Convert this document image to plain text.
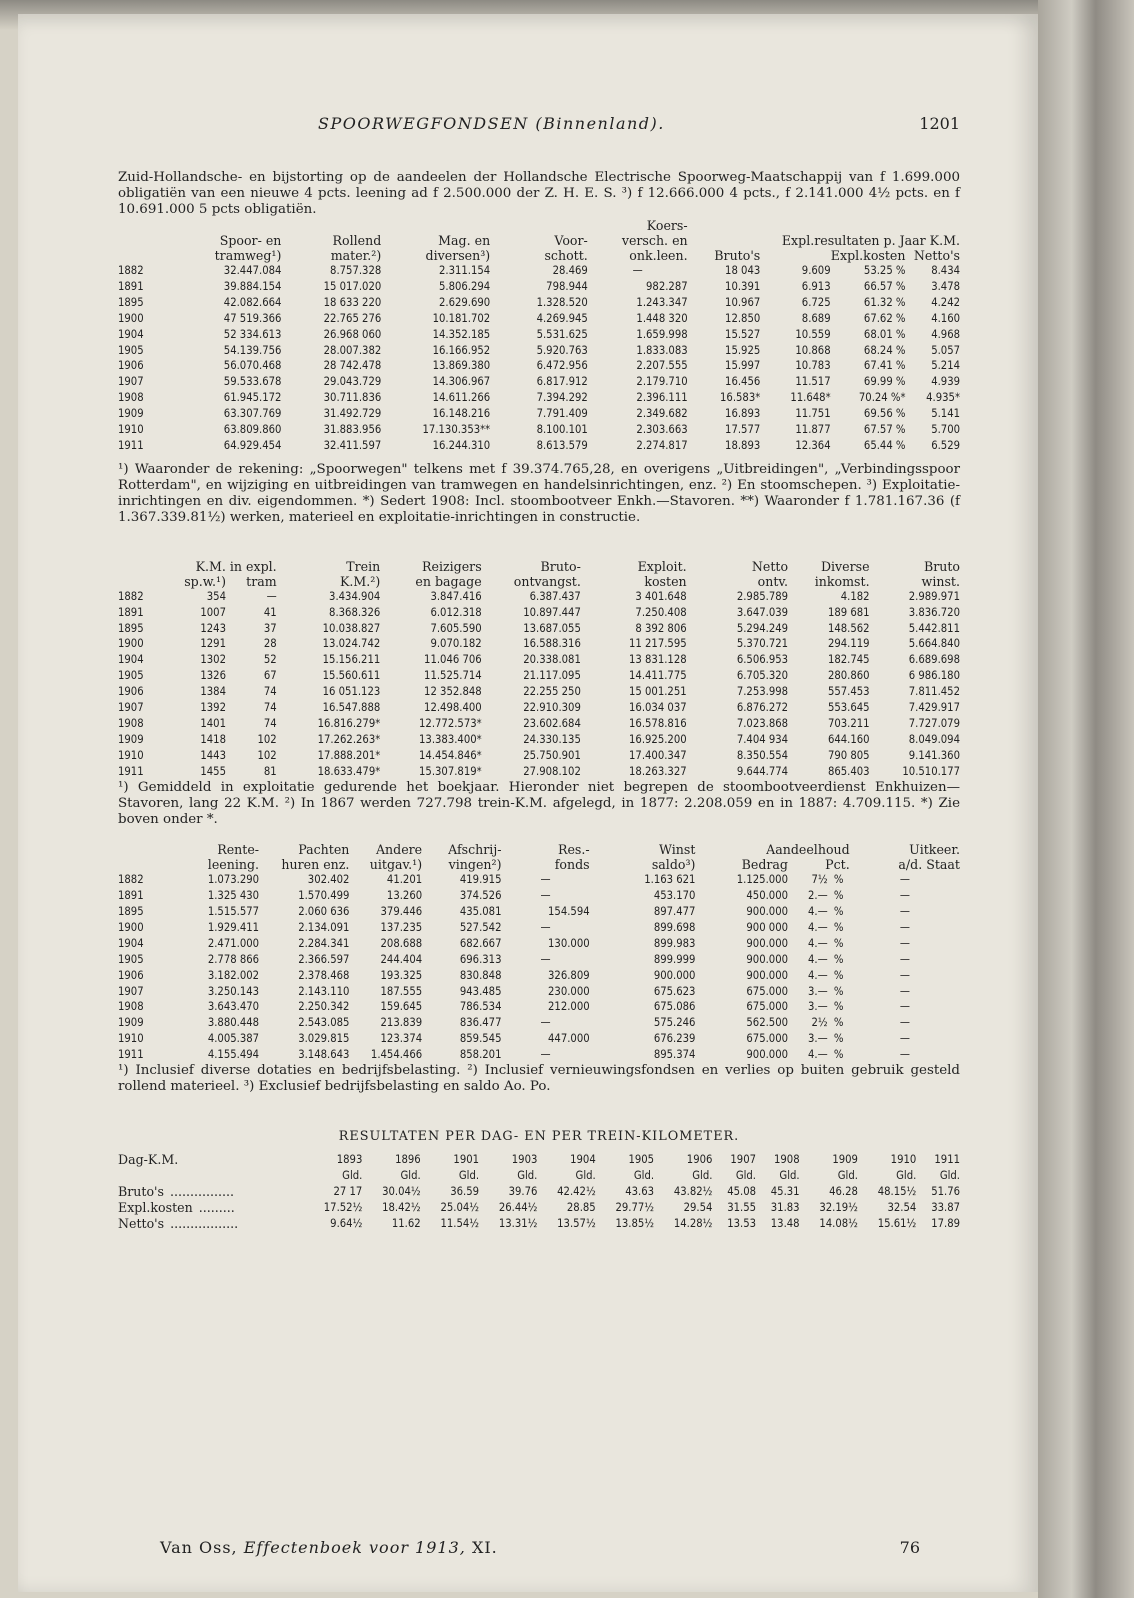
SPOORWEGFONDSEN (Binnenland).	1201

Zuid-Hollandsche- en bijstorting op de aandeelen der Hollandsche Electrische Spoorweg-Maatschappij van f 1.699.000 obligatiën van een nieuwe 4 pcts. leening ad f 2.500.000 der Z. H. E. S. ³) f 12.666.000 4 pcts., f 2.141.000 4½ pcts. en f 10.691.000 5 pcts obligatiën.

					Koers-				
	Spoor- en	Rollend	Mag. en	Voor-	versch. en	Expl.resultaten p. Jaar K.M.			
	tramweg¹)	mater.²)	diversen³)	schott.	onk.leen.	Bruto's	Expl.kosten		Netto's
1882	32.447.084	8.757.328	2.311.154	28.469	—	18 043	9.609	53.25 %	8.434
1891	39.884.154	15 017.020	5.806.294	798.944	982.287	10.391	6.913	66.57 %	3.478
1895	42.082.664	18 633 220	2.629.690	1.328.520	1.243.347	10.967	6.725	61.32 %	4.242
1900	47 519.366	22.765 276	10.181.702	4.269.945	1.448 320	12.850	8.689	67.62 %	4.160
1904	52 334.613	26.968 060	14.352.185	5.531.625	1.659.998	15.527	10.559	68.01 %	4.968
1905	54.139.756	28.007.382	16.166.952	5.920.763	1.833.083	15.925	10.868	68.24 %	5.057
1906	56.070.468	28 742.478	13.869.380	6.472.956	2.207.555	15.997	10.783	67.41 %	5.214
1907	59.533.678	29.043.729	14.306.967	6.817.912	2.179.710	16.456	11.517	69.99 %	4.939
1908	61.945.172	30.711.836	14.611.266	7.394.292	2.396.111	16.583*	11.648*	70.24 %*	4.935*
1909	63.307.769	31.492.729	16.148.216	7.791.409	2.349.682	16.893	11.751	69.56 %	5.141
1910	63.809.860	31.883.956	17.130.353**	8.100.101	2.303.663	17.577	11.877	67.57 %	5.700
1911	64.929.454	32.411.597	16.244.310	8.613.579	2.274.817	18.893	12.364	65.44 %	6.529

¹) Waaronder de rekening: „Spoorwegen" telkens met f 39.374.765,28, en overigens „Uitbreidingen", „Verbindingsspoor Rotterdam", en wijziging en uitbreidingen van tramwegen en handelsinrichtingen, enz. ²) En stoomschepen. ³) Exploitatie-inrichtingen en div. eigendommen. *) Sedert 1908: Incl. stoombootveer Enkh.—Stavoren. **) Waaronder f 1.781.167.36 (f 1.367.339.81½) werken, materieel en exploitatie-inrichtingen in constructie.

	K.M. in expl.		Trein	Reizigers	Bruto-	Exploit.	Netto	Diverse	Bruto
	sp.w.¹)	tram	K.M.²)	en bagage	ontvangst.	kosten	ontv.	inkomst.	winst.
1882	354	—	3.434.904	3.847.416	6.387.437	3 401.648	2.985.789	4.182	2.989.971
1891	1007	41	8.368.326	6.012.318	10.897.447	7.250.408	3.647.039	189 681	3.836.720
1895	1243	37	10.038.827	7.605.590	13.687.055	8 392 806	5.294.249	148.562	5.442.811
1900	1291	28	13.024.742	9.070.182	16.588.316	11 217.595	5.370.721	294.119	5.664.840
1904	1302	52	15.156.211	11.046 706	20.338.081	13 831.128	6.506.953	182.745	6.689.698
1905	1326	67	15.560.611	11.525.714	21.117.095	14.411.775	6.705.320	280.860	6 986.180
1906	1384	74	16 051.123	12 352.848	22.255 250	15 001.251	7.253.998	557.453	7.811.452
1907	1392	74	16.547.888	12.498.400	22.910.309	16.034 037	6.876.272	553.645	7.429.917
1908	1401	74	16.816.279*	12.772.573*	23.602.684	16.578.816	7.023.868	703.211	7.727.079
1909	1418	102	17.262.263*	13.383.400*	24.330.135	16.925.200	7.404 934	644.160	8.049.094
1910	1443	102	17.888.201*	14.454.846*	25.750.901	17.400.347	8.350.554	790 805	9.141.360
1911	1455	81	18.633.479*	15.307.819*	27.908.102	18.263.327	9.644.774	865.403	10.510.177

¹) Gemiddeld in exploitatie gedurende het boekjaar. Hieronder niet begrepen de stoombootveerdienst Enkhuizen—Stavoren, lang 22 K.M. ²) In 1867 werden 727.798 trein-K.M. afgelegd, in 1877: 2.208.059 en in 1887: 4.709.115. *) Zie boven onder *.

	Rente-	Pachten	Andere	Afschrij-	Res.-	Winst	Aandeelhoud			Uitkeer.
	leening.	huren enz.	uitgav.¹)	vingen²)	fonds	saldo³)	Bedrag	Pct.		a/d. Staat
1882	1.073.290	302.402	41.201	419.915	—	1.163 621	1.125.000	7½	%	—
1891	1.325 430	1.570.499	13.260	374.526	—	453.170	450.000	2.—	%	—
1895	1.515.577	2.060 636	379.446	435.081	154.594	897.477	900.000	4.—	%	—
1900	1.929.411	2.134.091	137.235	527.542	—	899.698	900 000	4.—	%	—
1904	2.471.000	2.284.341	208.688	682.667	130.000	899.983	900.000	4.—	%	—
1905	2.778 866	2.366.597	244.404	696.313	—	899.999	900.000	4.—	%	—
1906	3.182.002	2.378.468	193.325	830.848	326.809	900.000	900.000	4.—	%	—
1907	3.250.143	2.143.110	187.555	943.485	230.000	675.623	675.000	3.—	%	—
1908	3.643.470	2.250.342	159.645	786.534	212.000	675.086	675.000	3.—	%	—
1909	3.880.448	2.543.085	213.839	836.477	—	575.246	562.500	2½	%	—
1910	4.005.387	3.029.815	123.374	859.545	447.000	676.239	675.000	3.—	%	—
1911	4.155.494	3.148.643	1.454.466	858.201	—	895.374	900.000	4.—	%	—

¹) Inclusief diverse dotaties en bedrijfsbelasting. ²) Inclusief vernieuwingsfondsen en verlies op buiten gebruik gesteld rollend materieel. ³) Exclusief bedrijfsbelasting en saldo Ao. Po.

RESULTATEN PER DAG- EN PER TREIN-KILOMETER.
Dag-K.M.	1893	1896	1901	1903	1904	1905	1906	1907	1908	1909	1910	1911
	Gld.	Gld.	Gld.	Gld.	Gld.	Gld.	Gld.	Gld.	Gld.	Gld.	Gld.	Gld.
Bruto's ................	27 17	30.04½	36.59	39.76	42.42½	43.63	43.82½	45.08	45.31	46.28	48.15½	51.76
Expl.kosten .........	17.52½	18.42½	25.04½	26.44½	28.85	29.77½	29.54	31.55	31.83	32.19½	32.54	33.87
Netto's .................	9.64½	11.62	11.54½	13.31½	13.57½	13.85½	14.28½	13.53	13.48	14.08½	15.61½	17.89
Van Oss, Effectenboek voor 1913, XI.	76
